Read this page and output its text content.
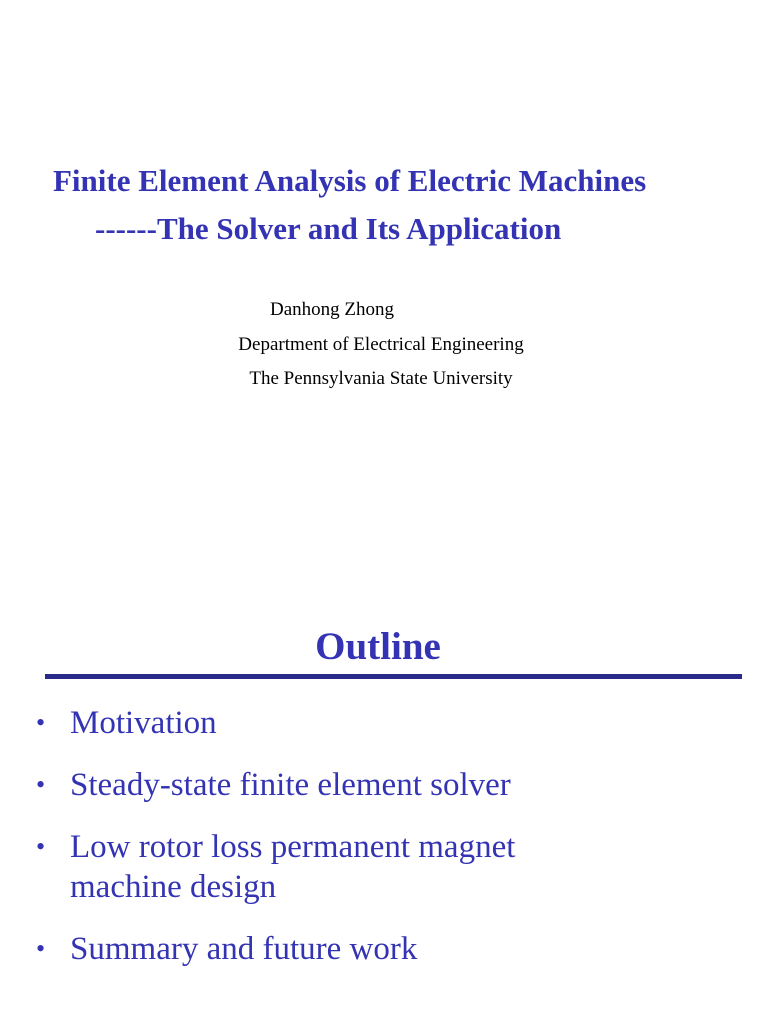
Finite Element Analysis of Electric Machines
------The Solver and Its Application
Danhong Zhong
Department of Electrical Engineering
The Pennsylvania State University
Outline
• Motivation
• Steady-state finite element solver
• Low rotor loss permanent magnet
machine design
• Summary and future work
